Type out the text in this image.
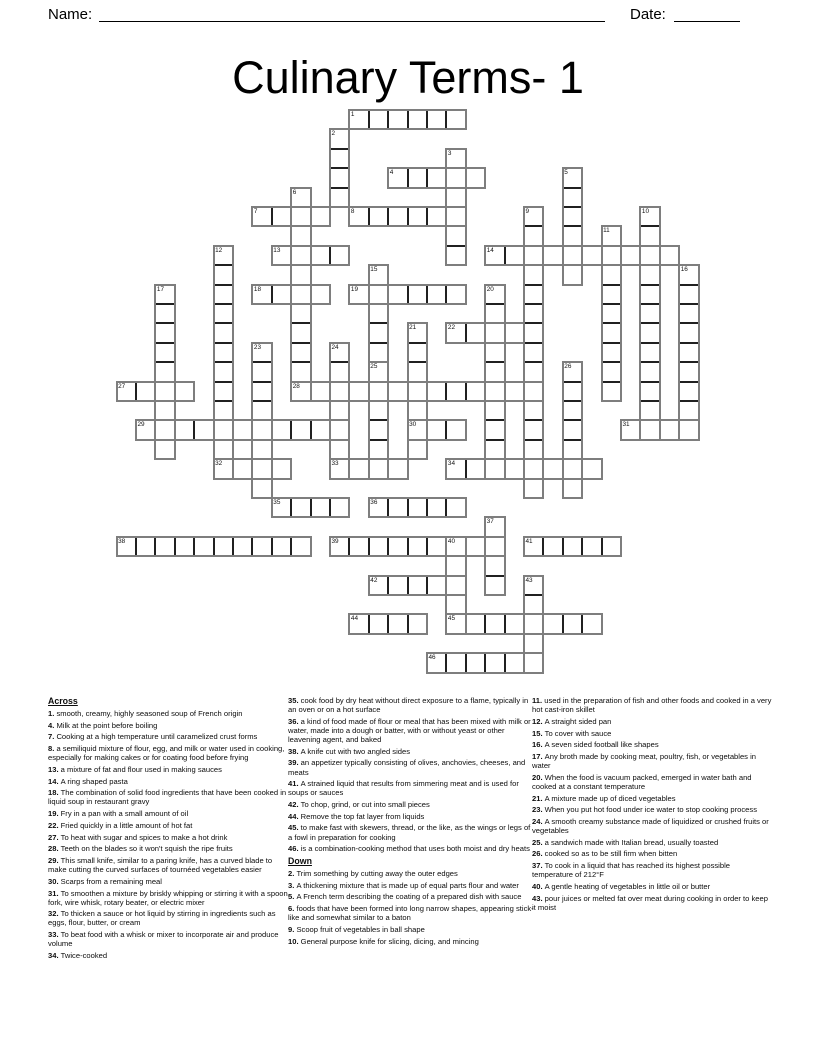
Name:	Date:
Culinary Terms- 1
1
4
7	8
13	14
18	19
22
27	28
29	30	31
32	33	34
35	36
38	39	41
42
44	45
46
2
3
5
6
9	10
11
12
15	16
17	20
21
23	24
25	26
37
40
43
Across
1. smooth, creamy, highly seasoned soup of French origin
4. Milk at the point before boiling
7. Cooking at a high temperature until caramelized crust forms
8. a semiliquid mixture of flour, egg, and milk or water used in cooking, especially for making cakes or for coating food before frying
13. a mixture of fat and flour used in making sauces
14. A ring shaped pasta
18. The combination of solid food ingredients that have been cooked in liquid soup in restaurant gravy
19. Fry in a pan with a small amount of oil
22. Fried quickly in a little amount of hot fat
27. To heat with sugar and spices to make a hot drink
28. Teeth on the blades so it won't squish the ripe fruits
29. This small knife, similar to a paring knife, has a curved blade to make cutting the curved surfaces of tournéed vegetables easier
30. Scarps from a remaining meal
31. To smoothen a mixture by briskly whipping or stirring it with a spoon, fork, wire whisk, rotary beater, or electric mixer
32. To thicken a sauce or hot liquid by stirring in ingredients such as eggs, flour, butter, or cream
33. To beat food with a whisk or mixer to incorporate air and produce volume
34. Twice-cooked
35. cook food by dry heat without direct exposure to a flame, typically in an oven or on a hot surface
36. a kind of food made of flour or meal that has been mixed with milk or water, made into a dough or batter, with or without yeast or other leavening agent, and baked
38. A knife cut with two angled sides
39. an appetizer typically consisting of olives, anchovies, cheeses, and meats
41. A strained liquid that results from simmering meat and is used for soups or sauces
42. To chop, grind, or cut into small pieces
44. Remove the top fat layer from liquids
45. to make fast with skewers, thread, or the like, as the wings or legs of a fowl in preparation for cooking
46. is a combination-cooking method that uses both moist and dry heats
Down
2. Trim something by cutting away the outer edges
3. A thickening mixture that is made up of equal parts flour and water
5. A French term describing the coating of a prepared dish with sauce
6. foods that have been formed into long narrow shapes, appearing stick-like and somewhat similar to a baton
9. Scoop fruit of vegetables in ball shape
10. General purpose knife for slicing, dicing, and mincing
11. used in the preparation of fish and other foods and cooked in a very hot cast-iron skillet
12. A straight sided pan
15. To cover with sauce
16. A seven sided football like shapes
17. Any broth made by cooking meat, poultry, fish, or vegetables in water
20. When the food is vacuum packed, emerged in water bath and cooked at a constant temperature
21. A mixture made up of diced vegetables
23. When you put hot food under ice water to stop cooking process
24. A smooth creamy substance made of liquidized or crushed fruits or vegetables
25. a sandwich made with Italian bread, usually toasted
26. cooked so as to be still firm when bitten
37. To cook in a liquid that has reached its highest possible temperature of 212°F
40. A gentle heating of vegetables in little oil or butter
43. pour juices or melted fat over meat during cooking in order to keep it moist
